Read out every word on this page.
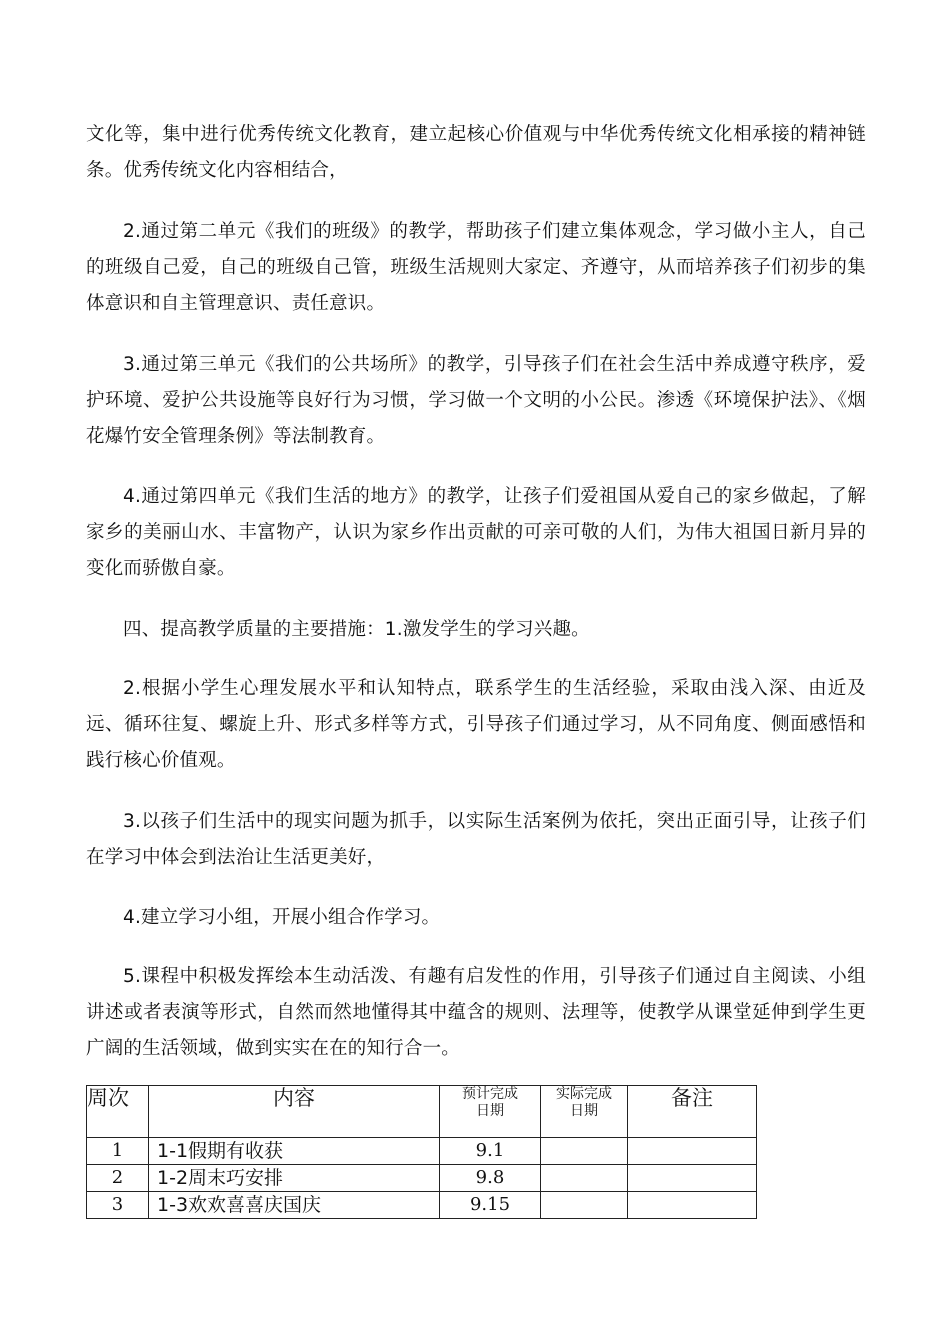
文化等，集中进行优秀传统文化教育，建立起核心价值观与中华优秀传统文化相承接的精神链条。优秀传统文化内容相结合，

2.通过第二单元《我们的班级》的教学，帮助孩子们建立集体观念，学习做小主人，自己的班级自己爱，自己的班级自己管，班级生活规则大家定、齐遵守，从而培养孩子们初步的集体意识和自主管理意识、责任意识。

3.通过第三单元《我们的公共场所》的教学，引导孩子们在社会生活中养成遵守秩序，爱护环境、爱护公共设施等良好行为习惯，学习做一个文明的小公民。渗透《环境保护法》、《烟花爆竹安全管理条例》等法制教育。

4.通过第四单元《我们生活的地方》的教学，让孩子们爱祖国从爱自己的家乡做起，了解家乡的美丽山水、丰富物产，认识为家乡作出贡献的可亲可敬的人们，为伟大祖国日新月异的变化而骄傲自豪。

四、提高教学质量的主要措施：1.激发学生的学习兴趣。

2.根据小学生心理发展水平和认知特点，联系学生的生活经验，采取由浅入深、由近及远、循环往复、螺旋上升、形式多样等方式，引导孩子们通过学习，从不同角度、侧面感悟和践行核心价值观。

3.以孩子们生活中的现实问题为抓手，以实际生活案例为依托，突出正面引导，让孩子们在学习中体会到法治让生活更美好，

4.建立学习小组，开展小组合作学习。

5.课程中积极发挥绘本生动活泼、有趣有启发性的作用，引导孩子们通过自主阅读、小组讲述或者表演等形式，自然而然地懂得其中蕴含的规则、法理等，使教学从课堂延伸到学生更广阔的生活领域，做到实实在在的知行合一。

周次	内容	预计完成日期	实际完成日期	备注
1	1-1假期有收获	9.1		
2	1-2周末巧安排	9.8		
3	1-3欢欢喜喜庆国庆	9.15		
